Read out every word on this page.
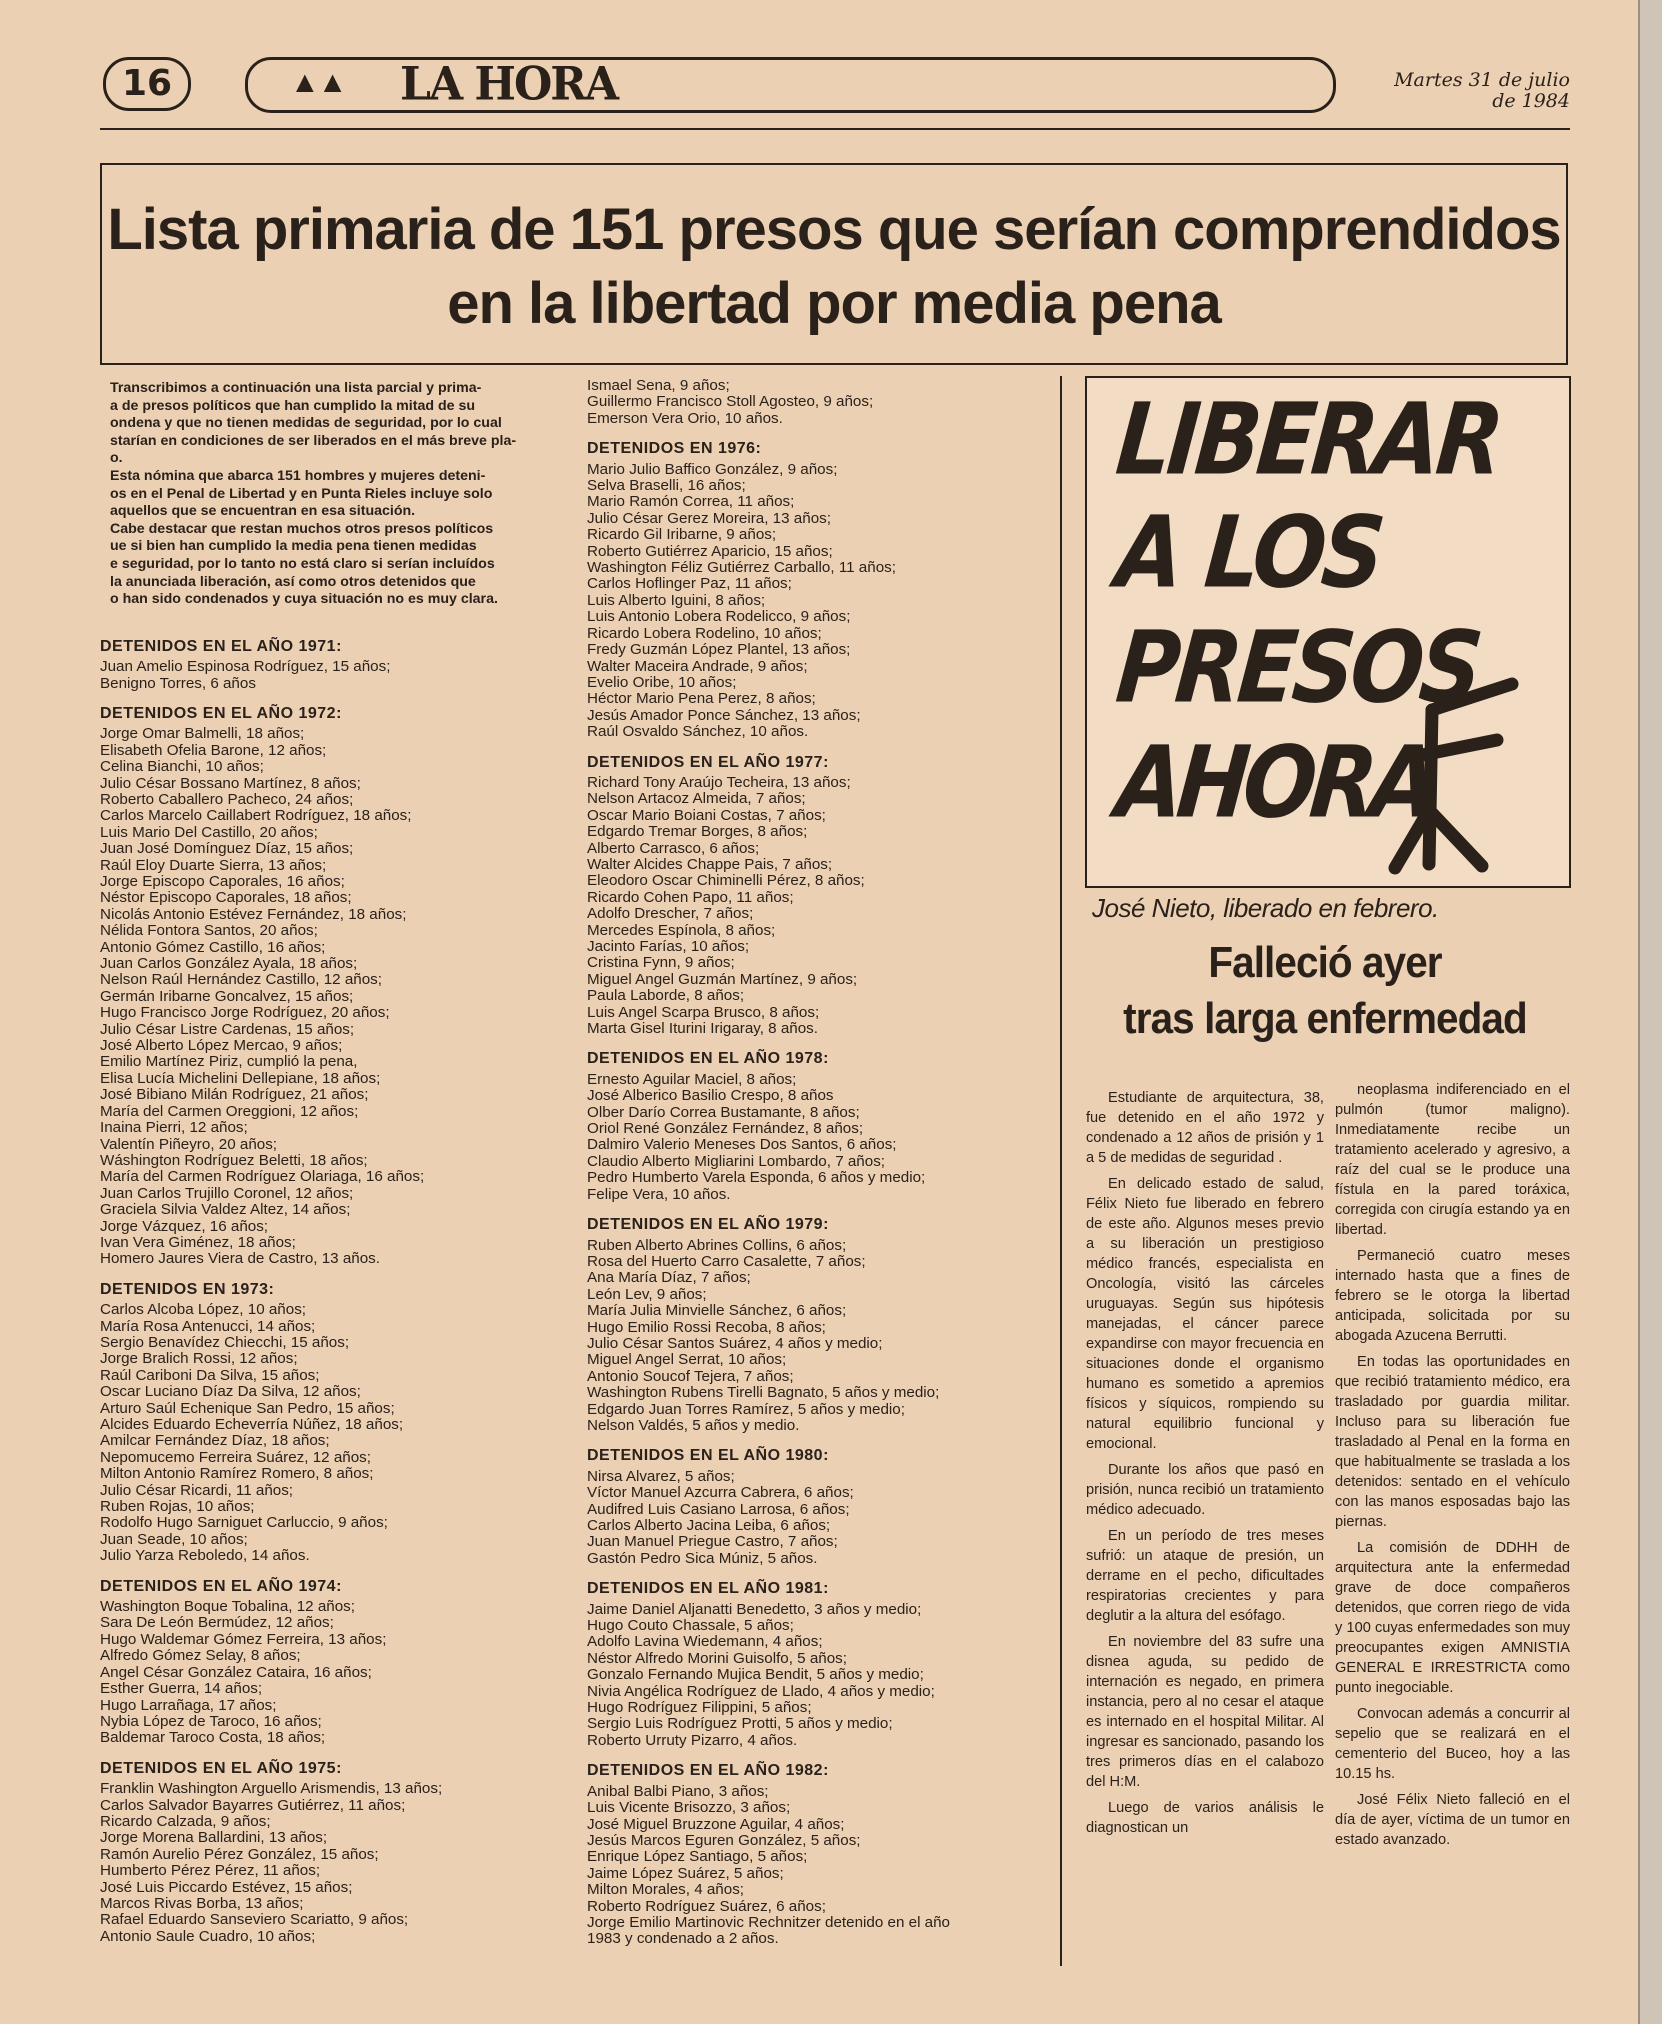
16	▲▲ LA HORA	Martes 31 de julio
de 1984
Lista primaria de 151 presos que serían comprendidos
en la libertad por media pena

Transcribimos a continuación una lista parcial y prima-

a de presos políticos que han cumplido la mitad de su

ondena y que no tienen medidas de seguridad, por lo cual

starían en condiciones de ser liberados en el más breve pla-

o.

Esta nómina que abarca 151 hombres y mujeres deteni-

os en el Penal de Libertad y en Punta Rieles incluye solo

aquellos que se encuentran en esa situación.

Cabe destacar que restan muchos otros presos políticos

ue si bien han cumplido la media pena tienen medidas

e seguridad, por lo tanto no está claro si serían incluídos

la anunciada liberación, así como otros detenidos que

o han sido condenados y cuya situación no es muy clara.

DETENIDOS EN EL AÑO 1971:
Juan Amelio Espinosa Rodríguez, 15 años;
Benigno Torres, 6 años
DETENIDOS EN EL AÑO 1972:
Jorge Omar Balmelli, 18 años;
Elisabeth Ofelia Barone, 12 años;
Celina Bianchi, 10 años;
Julio César Bossano Martínez, 8 años;
Roberto Caballero Pacheco, 24 años;
Carlos Marcelo Caillabert Rodríguez, 18 años;
Luis Mario Del Castillo, 20 años;
Juan José Domínguez Díaz, 15 años;
Raúl Eloy Duarte Sierra, 13 años;
Jorge Episcopo Caporales, 16 años;
Néstor Episcopo Caporales, 18 años;
Nicolás Antonio Estévez Fernández, 18 años;
Nélida Fontora Santos, 20 años;
Antonio Gómez Castillo, 16 años;
Juan Carlos González Ayala, 18 años;
Nelson Raúl Hernández Castillo, 12 años;
Germán Iribarne Goncalvez, 15 años;
Hugo Francisco Jorge Rodríguez, 20 años;
Julio César Listre Cardenas, 15 años;
José Alberto López Mercao, 9 años;
Emilio Martínez Piriz, cumplió la pena,
Elisa Lucía Michelini Dellepiane, 18 años;
José Bibiano Milán Rodríguez, 21 años;
María del Carmen Oreggioni, 12 años;
Inaina Pierri, 12 años;
Valentín Piñeyro, 20 años;
Wáshington Rodríguez Beletti, 18 años;
María del Carmen Rodríguez Olariaga, 16 años;
Juan Carlos Trujillo Coronel, 12 años;
Graciela Silvia Valdez Altez, 14 años;
Jorge Vázquez, 16 años;
Ivan Vera Giménez, 18 años;
Homero Jaures Viera de Castro, 13 años.
DETENIDOS EN 1973:
Carlos Alcoba López, 10 años;
María Rosa Antenucci, 14 años;
Sergio Benavídez Chiecchi, 15 años;
Jorge Bralich Rossi, 12 años;
Raúl Cariboni Da Silva, 15 años;
Oscar Luciano Díaz Da Silva, 12 años;
Arturo Saúl Echenique San Pedro, 15 años;
Alcides Eduardo Echeverría Núñez, 18 años;
Amilcar Fernández Díaz, 18 años;
Nepomucemo Ferreira Suárez, 12 años;
Milton Antonio Ramírez Romero, 8 años;
Julio César Ricardi, 11 años;
Ruben Rojas, 10 años;
Rodolfo Hugo Sarniguet Carluccio, 9 años;
Juan Seade, 10 años;
Julio Yarza Reboledo, 14 años.
DETENIDOS EN EL AÑO 1974:
Washington Boque Tobalina, 12 años;
Sara De León Bermúdez, 12 años;
Hugo Waldemar Gómez Ferreira, 13 años;
Alfredo Gómez Selay, 8 años;
Angel César González Cataira, 16 años;
Esther Guerra, 14 años;
Hugo Larrañaga, 17 años;
Nybia López de Taroco, 16 años;
Baldemar Taroco Costa, 18 años;
DETENIDOS EN EL AÑO 1975:
Franklin Washington Arguello Arismendis, 13 años;
Carlos Salvador Bayarres Gutiérrez, 11 años;
Ricardo Calzada, 9 años;
Jorge Morena Ballardini, 13 años;
Ramón Aurelio Pérez González, 15 años;
Humberto Pérez Pérez, 11 años;
José Luis Piccardo Estévez, 15 años;
Marcos Rivas Borba, 13 años;
Rafael Eduardo Sanseviero Scariatto, 9 años;
Antonio Saule Cuadro, 10 años;
Ismael Sena, 9 años;
Guillermo Francisco Stoll Agosteo, 9 años;
Emerson Vera Orio, 10 años.
DETENIDOS EN 1976:
Mario Julio Baffico González, 9 años;
Selva Braselli, 16 años;
Mario Ramón Correa, 11 años;
Julio César Gerez Moreira, 13 años;
Ricardo Gil Iribarne, 9 años;
Roberto Gutiérrez Aparicio, 15 años;
Washington Féliz Gutiérrez Carballo, 11 años;
Carlos Hoflinger Paz, 11 años;
Luis Alberto Iguini, 8 años;
Luis Antonio Lobera Rodelicco, 9 años;
Ricardo Lobera Rodelino, 10 años;
Fredy Guzmán López Plantel, 13 años;
Walter Maceira Andrade, 9 años;
Evelio Oribe, 10 años;
Héctor Mario Pena Perez, 8 años;
Jesús Amador Ponce Sánchez, 13 años;
Raúl Osvaldo Sánchez, 10 años.
DETENIDOS EN EL AÑO 1977:
Richard Tony Araújo Techeira, 13 años;
Nelson Artacoz Almeida, 7 años;
Oscar Mario Boiani Costas, 7 años;
Edgardo Tremar Borges, 8 años;
Alberto Carrasco, 6 años;
Walter Alcides Chappe Pais, 7 años;
Eleodoro Oscar Chiminelli Pérez, 8 años;
Ricardo Cohen Papo, 11 años;
Adolfo Drescher, 7 años;
Mercedes Espínola, 8 años;
Jacinto Farías, 10 años;
Cristina Fynn, 9 años;
Miguel Angel Guzmán Martínez, 9 años;
Paula Laborde, 8 años;
Luis Angel Scarpa Brusco, 8 años;
Marta Gisel Iturini Irigaray, 8 años.
DETENIDOS EN EL AÑO 1978:
Ernesto Aguilar Maciel, 8 años;
José Alberico Basilio Crespo, 8 años
Olber Darío Correa Bustamante, 8 años;
Oriol René González Fernández, 8 años;
Dalmiro Valerio Meneses Dos Santos, 6 años;
Claudio Alberto Migliarini Lombardo, 7 años;
Pedro Humberto Varela Esponda, 6 años y medio;
Felipe Vera, 10 años.
DETENIDOS EN EL AÑO 1979:
Ruben Alberto Abrines Collins, 6 años;
Rosa del Huerto Carro Casalette, 7 años;
Ana María Díaz, 7 años;
León Lev, 9 años;
María Julia Minvielle Sánchez, 6 años;
Hugo Emilio Rossi Recoba, 8 años;
Julio César Santos Suárez, 4 años y medio;
Miguel Angel Serrat, 10 años;
Antonio Soucof Tejera, 7 años;
Washington Rubens Tirelli Bagnato, 5 años y medio;
Edgardo Juan Torres Ramírez, 5 años y medio;
Nelson Valdés, 5 años y medio.
DETENIDOS EN EL AÑO 1980:
Nirsa Alvarez, 5 años;
Víctor Manuel Azcurra Cabrera, 6 años;
Audifred Luis Casiano Larrosa, 6 años;
Carlos Alberto Jacina Leiba, 6 años;
Juan Manuel Priegue Castro, 7 años;
Gastón Pedro Sica Múniz, 5 años.
DETENIDOS EN EL AÑO 1981:
Jaime Daniel Aljanatti Benedetto, 3 años y medio;
Hugo Couto Chassale, 5 años;
Adolfo Lavina Wiedemann, 4 años;
Néstor Alfredo Morini Guisolfo, 5 años;
Gonzalo Fernando Mujica Bendit, 5 años y medio;
Nivia Angélica Rodríguez de Llado, 4 años y medio;
Hugo Rodríguez Filippini, 5 años;
Sergio Luis Rodríguez Protti, 5 años y medio;
Roberto Urruty Pizarro, 4 años.
DETENIDOS EN EL AÑO 1982:
Anibal Balbi Piano, 3 años;
Luis Vicente Brisozzo, 3 años;
José Miguel Bruzzone Aguilar, 4 años;
Jesús Marcos Eguren González, 5 años;
Enrique López Santiago, 5 años;
Jaime López Suárez, 5 años;
Milton Morales, 4 años;
Roberto Rodríguez Suárez, 6 años;
Jorge Emilio Martinovic Rechnitzer detenido en el año
1983 y condenado a 2 años.
LIBERAR
A LOS
PRESOS
AHORA
José Nieto, liberado en febrero.
Falleció ayer
tras larga enfermedad

Estudiante de arquitectura, 38, fue detenido en el año 1972 y condenado a 12 años de prisión y 1 a 5 de medidas de seguridad .

En delicado estado de salud, Félix Nieto fue liberado en febrero de este año. Algunos meses previo a su liberación un prestigioso médico francés, especialista en Oncología, visitó las cárceles uruguayas. Según sus hipótesis manejadas, el cáncer parece expandirse con mayor frecuencia en situaciones donde el organismo humano es sometido a apremios físicos y síquicos, rompiendo su natural equilibrio funcional y emocional.

Durante los años que pasó en prisión, nunca recibió un tratamiento médico adecuado.

En un período de tres meses sufrió: un ataque de presión, un derrame en el pecho, dificultades respiratorias crecientes y para deglutir a la altura del esófago.

En noviembre del 83 sufre una disnea aguda, su pedido de internación es negado, en primera instancia, pero al no cesar el ataque es internado en el hospital Militar. Al ingresar es sancionado, pasando los tres primeros días en el calabozo del H:M.

Luego de varios análisis le diagnostican un

neoplasma indiferenciado en el pulmón (tumor maligno). Inmediatamente recibe un tratamiento acelerado y agresivo, a raíz del cual se le produce una fístula en la pared toráxica, corregida con cirugía estando ya en libertad.

Permaneció cuatro meses internado hasta que a fines de febrero se le otorga la libertad anticipada, solicitada por su abogada Azucena Berrutti.

En todas las oportunidades en que recibió tratamiento médico, era trasladado por guardia militar. Incluso para su liberación fue trasladado al Penal en la forma en que habitualmente se traslada a los detenidos: sentado en el vehículo con las manos esposadas bajo las piernas.

La comisión de DDHH de arquitectura ante la enfermedad grave de doce compañeros detenidos, que corren riego de vida y 100 cuyas enfermedades son muy preocupantes exigen AMNISTIA GENERAL E IRRESTRICTA como punto inegociable.

Convocan además a concurrir al sepelio que se realizará en el cementerio del Buceo, hoy a las 10.15 hs.

José Félix Nieto falleció en el día de ayer, víctima de un tumor en estado avanzado.
